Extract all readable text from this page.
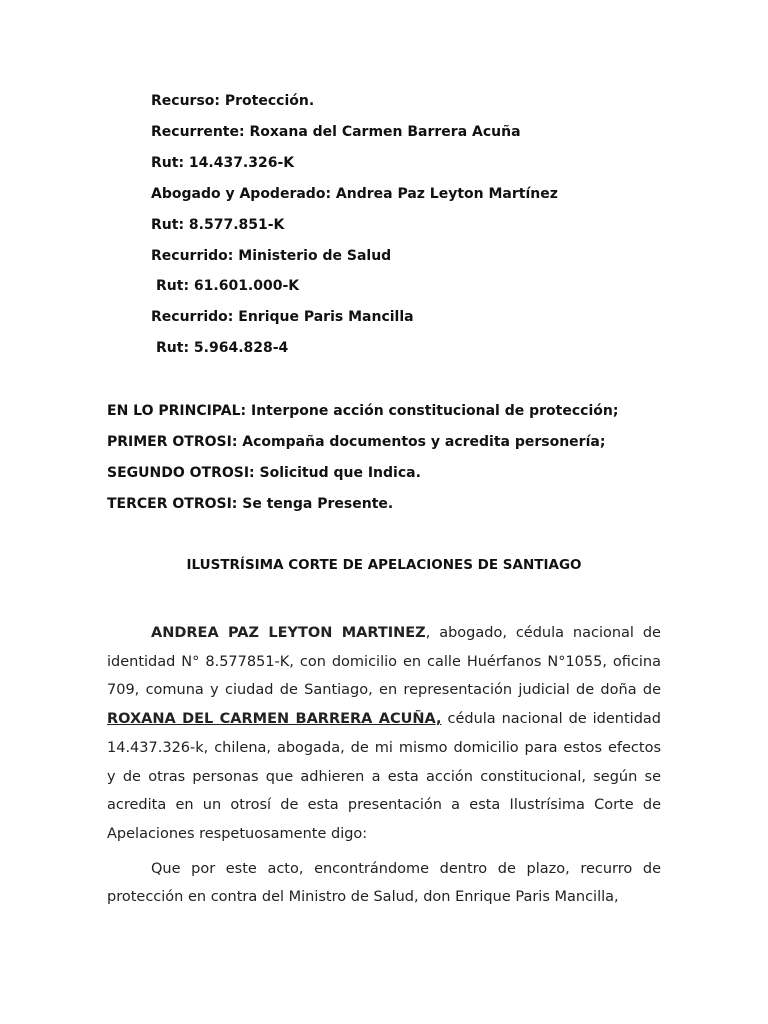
Recurso: Protección.
Recurrente: Roxana del Carmen Barrera Acuña
Rut: 14.437.326-K
Abogado y Apoderado: Andrea Paz Leyton Martínez
Rut: 8.577.851-K
Recurrido: Ministerio de Salud
Rut: 61.601.000-K
Recurrido: Enrique Paris Mancilla
Rut: 5.964.828-4
EN LO PRINCIPAL: Interpone acción constitucional de protección;
PRIMER OTROSI: Acompaña documentos y acredita personería;
SEGUNDO OTROSI: Solicitud que Indica.
TERCER OTROSI: Se tenga Presente.
ILUSTRÍSIMA CORTE DE APELACIONES DE SANTIAGO

ANDREA PAZ LEYTON MARTINEZ, abogado, cédula nacional de identidad N° 8.577851-K, con domicilio en calle Huérfanos N°1055, oficina 709, comuna y ciudad de Santiago, en representación judicial de doña de ROXANA DEL CARMEN BARRERA ACUÑA, cédula nacional de identidad 14.437.326-k, chilena, abogada, de mi mismo domicilio para estos efectos y de otras personas que adhieren a esta acción constitucional, según se acredita en un otrosí de esta presentación a esta Ilustrísima Corte de Apelaciones respetuosamente digo:

Que por este acto, encontrándome dentro de plazo, recurro de protección en contra del Ministro de Salud, don Enrique Paris Mancilla,
